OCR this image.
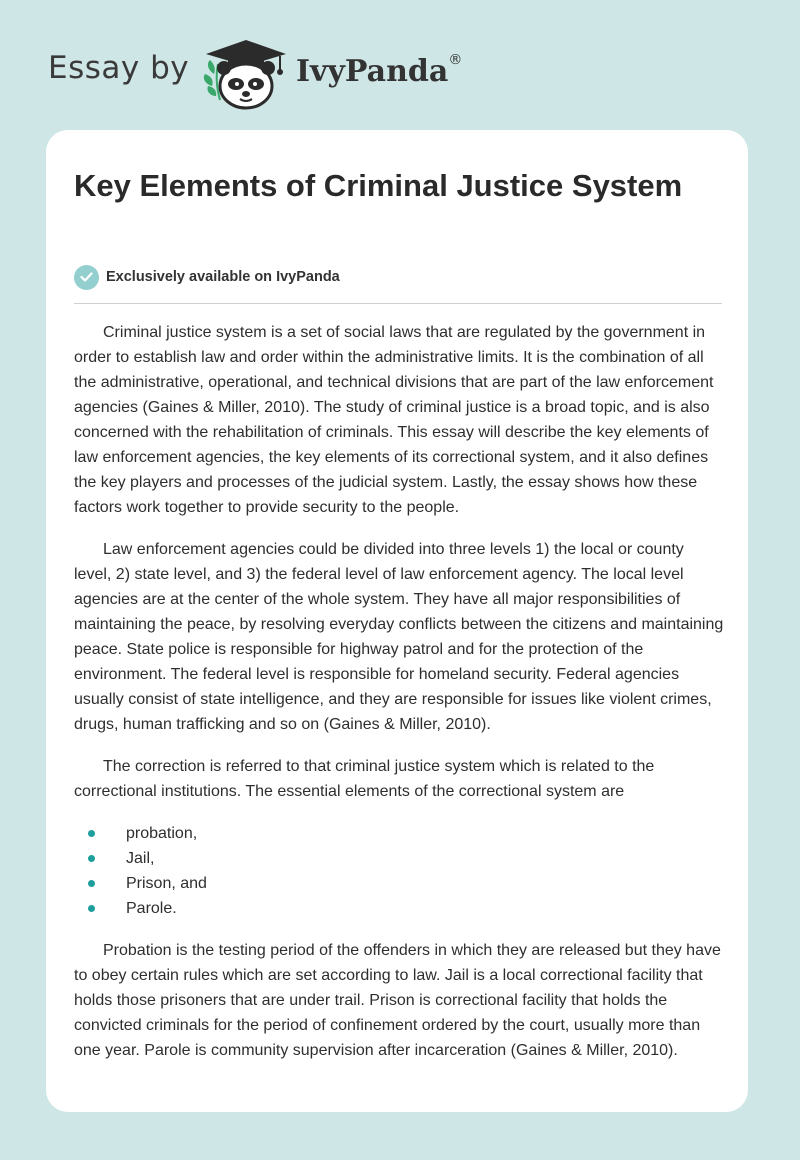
Essay by	IvyPanda®
Key Elements of Criminal Justice System
Exclusively available on IvyPanda

Criminal justice system is a set of social laws that are regulated by the government in order to establish law and order within the administrative limits. It is the combination of all the administrative, operational, and technical divisions that are part of the law enforcement agencies (Gaines & Miller, 2010). The study of criminal justice is a broad topic, and is also concerned with the rehabilitation of criminals. This essay will describe the key elements of law enforcement agencies, the key elements of its correctional system, and it also defines the key players and processes of the judicial system. Lastly, the essay shows how these factors work together to provide security to the people.

Law enforcement agencies could be divided into three levels 1) the local or county level, 2) state level, and 3) the federal level of law enforcement agency. The local level agencies are at the center of the whole system. They have all major responsibilities of maintaining the peace, by resolving everyday conflicts between the citizens and maintaining peace. State police is responsible for highway patrol and for the protection of the environment. The federal level is responsible for homeland security. Federal agencies usually consist of state intelligence, and they are responsible for issues like violent crimes, drugs, human trafficking and so on (Gaines & Miller, 2010).

The correction is referred to that criminal justice system which is related to the correctional institutions. The essential elements of the correctional system are

probation,
Jail,
Prison, and
Parole.

Probation is the testing period of the offenders in which they are released but they have to obey certain rules which are set according to law. Jail is a local correctional facility that holds those prisoners that are under trail. Prison is correctional facility that holds the convicted criminals for the period of confinement ordered by the court, usually more than one year. Parole is community supervision after incarceration (Gaines & Miller, 2010).
